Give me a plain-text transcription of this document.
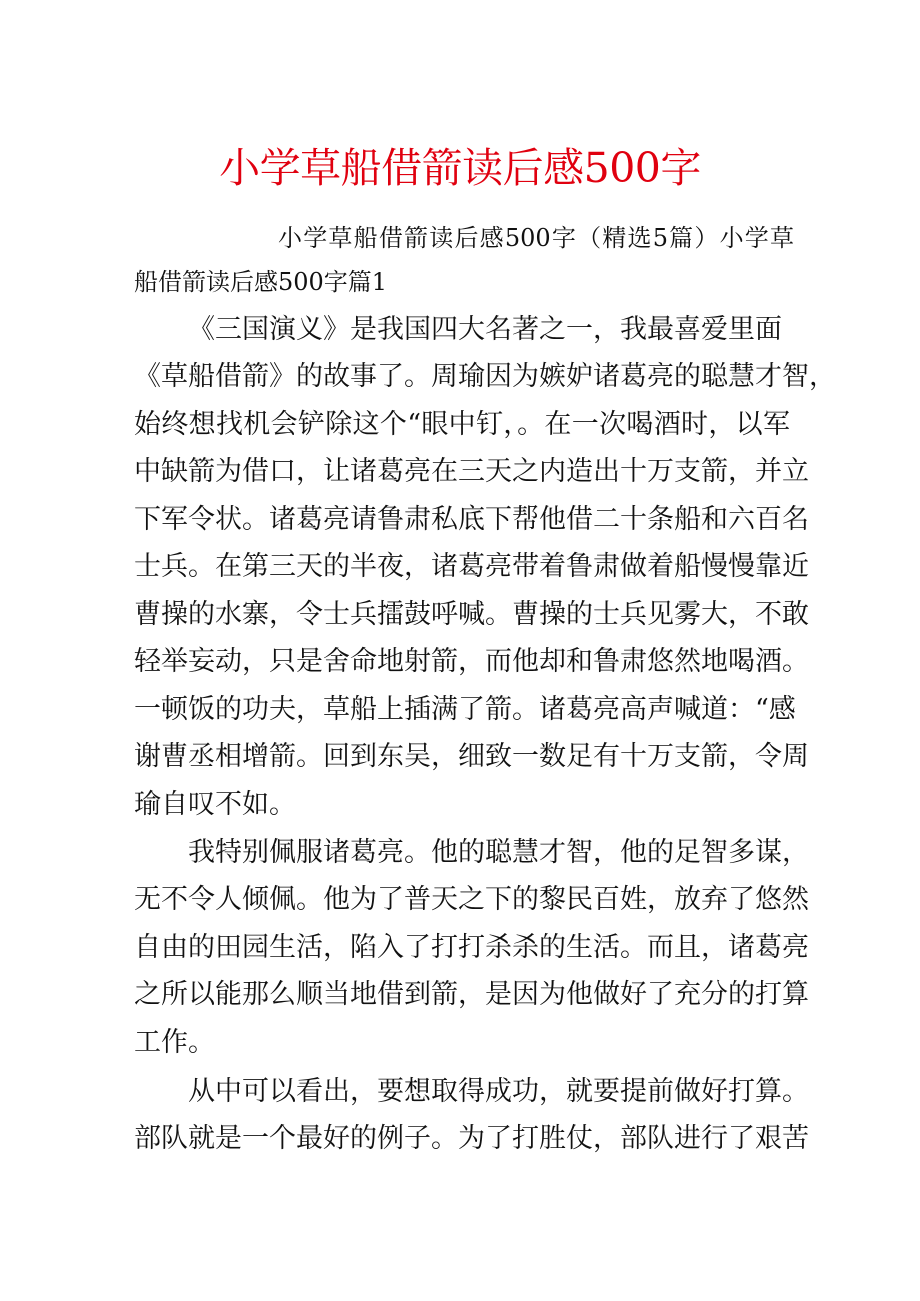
小学草船借箭读后感500字
小学草船借箭读后感500字（精选5篇）小学草
船借箭读后感500字篇1
《三国演义》是我国四大名著之一，我最喜爱里面
《草船借箭》的故事了。周瑜因为嫉妒诸葛亮的聪慧才智，
始终想找机会铲除这个“眼中钉，。在一次喝酒时，以军
中缺箭为借口，让诸葛亮在三天之内造出十万支箭，并立
下军令状。诸葛亮请鲁肃私底下帮他借二十条船和六百名
士兵。在第三天的半夜，诸葛亮带着鲁肃做着船慢慢靠近
曹操的水寨，令士兵擂鼓呼喊。曹操的士兵见雾大，不敢
轻举妄动，只是舍命地射箭，而他却和鲁肃悠然地喝酒。
一顿饭的功夫，草船上插满了箭。诸葛亮高声喊道：“感
谢曹丞相增箭。回到东吴，细致一数足有十万支箭，令周
瑜自叹不如。
我特别佩服诸葛亮。他的聪慧才智，他的足智多谋，
无不令人倾佩。他为了普天之下的黎民百姓，放弃了悠然
自由的田园生活，陷入了打打杀杀的生活。而且，诸葛亮
之所以能那么顺当地借到箭，是因为他做好了充分的打算
工作。
从中可以看出，要想取得成功，就要提前做好打算。
部队就是一个最好的例子。为了打胜仗，部队进行了艰苦
